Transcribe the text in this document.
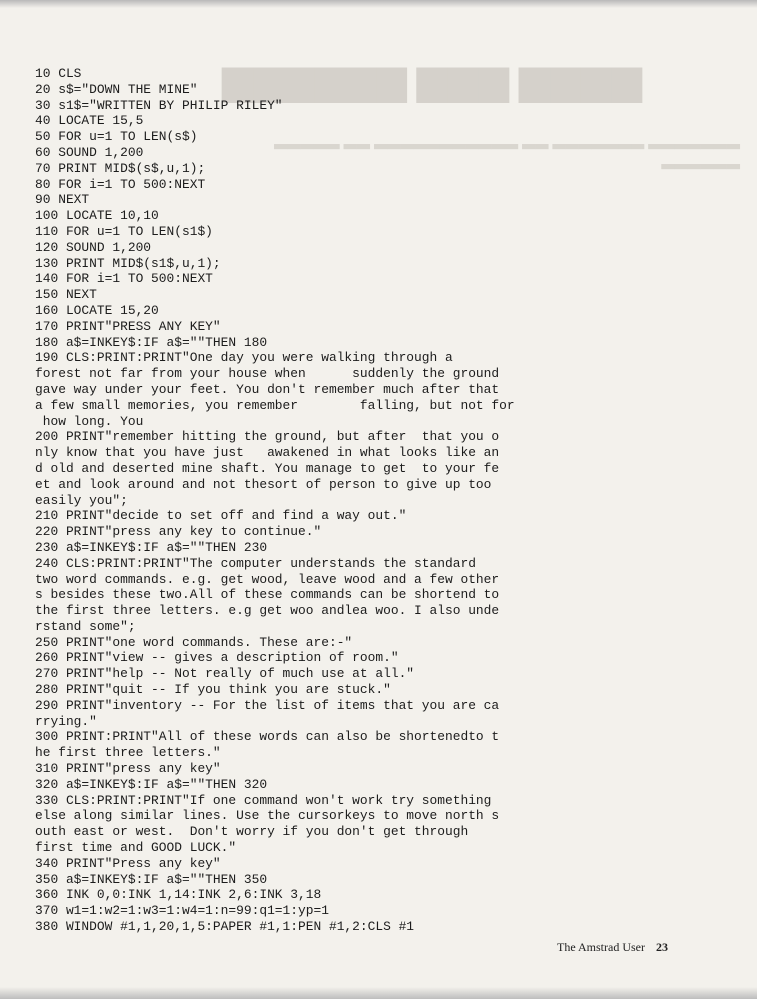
▆▆▆▆ ▆▆▆ ▆▆▆▆▆▆
▂▂▂▂▂▂▂ ▂▂▂▂▂▂▂ ▂▂ ▂▂▂▂▂▂▂▂▂▂▂ ▂▂ ▂▂▂▂▂ ▂▂▂▂▂▂
10 CLS
20 s$="DOWN THE MINE"
30 s1$="WRITTEN BY PHILIP RILEY"
40 LOCATE 15,5
50 FOR u=1 TO LEN(s$)
60 SOUND 1,200
70 PRINT MID$(s$,u,1);
80 FOR i=1 TO 500:NEXT
90 NEXT
100 LOCATE 10,10
110 FOR u=1 TO LEN(s1$)
120 SOUND 1,200
130 PRINT MID$(s1$,u,1);
140 FOR i=1 TO 500:NEXT
150 NEXT
160 LOCATE 15,20
170 PRINT"PRESS ANY KEY"
180 a$=INKEY$:IF a$=""THEN 180
190 CLS:PRINT:PRINT"One day you were walking through a
forest not far from your house when      suddenly the ground
gave way under your feet. You don't remember much after that
a few small memories, you remember        falling, but not for
how long. You
200 PRINT"remember hitting the ground, but after  that you o
nly know that you have just   awakened in what looks like an
d old and deserted mine shaft. You manage to get  to your fe
et and look around and not thesort of person to give up too
easily you";
210 PRINT"decide to set off and find a way out."
220 PRINT"press any key to continue."
230 a$=INKEY$:IF a$=""THEN 230
240 CLS:PRINT:PRINT"The computer understands the standard
two word commands. e.g. get wood, leave wood and a few other
s besides these two.All of these commands can be shortend to
the first three letters. e.g get woo andlea woo. I also unde
rstand some";
250 PRINT"one word commands. These are:-"
260 PRINT"view -- gives a description of room."
270 PRINT"help -- Not really of much use at all."
280 PRINT"quit -- If you think you are stuck."
290 PRINT"inventory -- For the list of items that you are ca
rrying."
300 PRINT:PRINT"All of these words can also be shortenedto t
he first three letters."
310 PRINT"press any key"
320 a$=INKEY$:IF a$=""THEN 320
330 CLS:PRINT:PRINT"If one command won't work try something
else along similar lines. Use the cursorkeys to move north s
outh east or west.  Don't worry if you don't get through
first time and GOOD LUCK."
340 PRINT"Press any key"
350 a$=INKEY$:IF a$=""THEN 350
360 INK 0,0:INK 1,14:INK 2,6:INK 3,18
370 w1=1:w2=1:w3=1:w4=1:n=99:q1=1:yp=1
380 WINDOW #1,1,20,1,5:PAPER #1,1:PEN #1,2:CLS #1
The Amstrad User 23
